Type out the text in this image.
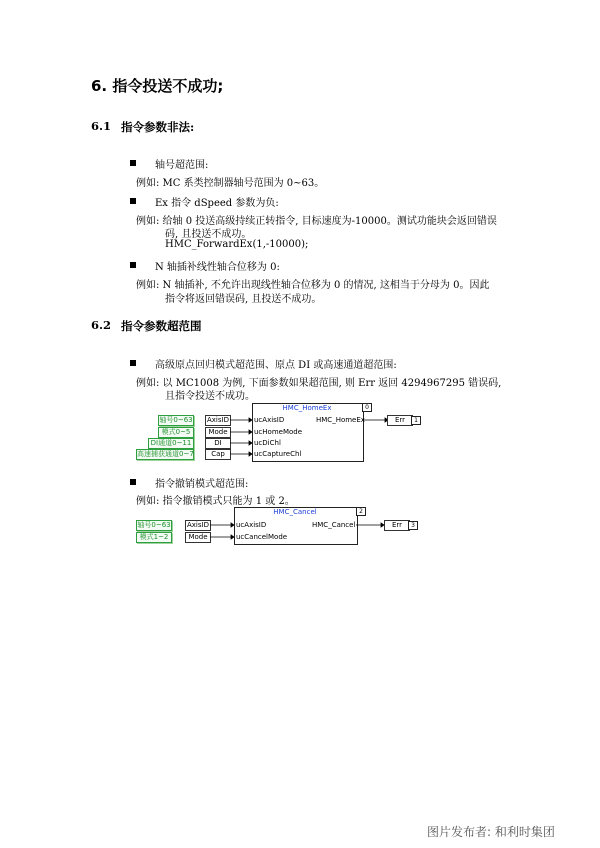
6. 指令投送不成功;
6.1 指令参数非法:
轴号超范围:
例如: MC 系类控制器轴号范围为 0~63。
Ex 指令 dSpeed 参数为负:
例如: 给轴 0 投送高级持续正转指令, 目标速度为-10000。测试功能块会返回错误
码, 且投送不成功。
HMC_ForwardEx(1,-10000);
N 轴插补线性轴合位移为 0:
例如: N 轴插补, 不允许出现线性轴合位移为 0 的情况, 这相当于分母为 0。因此
指令将返回错误码, 且投送不成功。
6.2 指令参数超范围
高级原点回归模式超范围、原点 DI 或高速通道超范围:
例如: 以 MC1008 为例, 下面参数如果超范围, 则 Err 返回 4294967295 错误码,
且指令投送不成功。
轴号0~63
模式0~5
DI通道0~11
高速捕获通道0~7
AxisID
Mode
DI
Cap
HMC_HomeEx	0
ucAxisID
ucHomeMode
ucDiChl
ucCaptureChl
HMC_HomeEx	Err	1
指令撤销模式超范围:
例如: 指令撤销模式只能为 1 或 2。
轴号0~63
模式1~2
AxisID
Mode
HMC_Cancel	2
ucAxisID
ucCancelMode
HMC_Cancel	Err	3
图片发布者: 和利时集团
